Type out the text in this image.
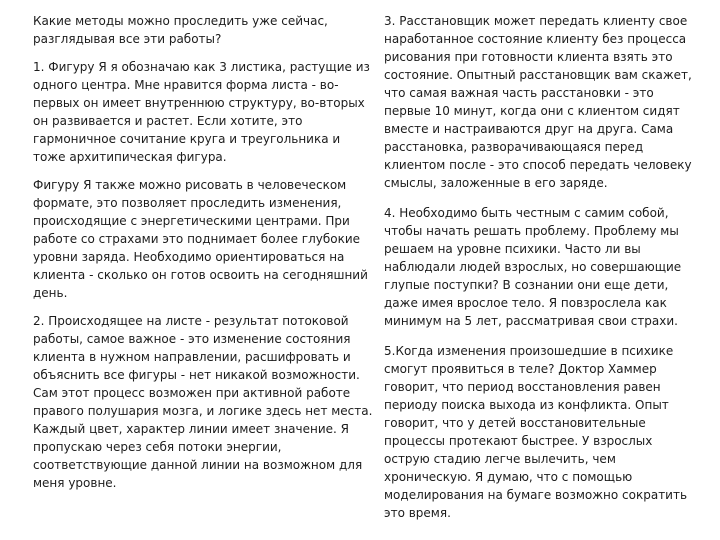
Какие методы можно проследить уже сейчас,
разглядывая все эти работы?

1. Фигуру Я я обозначаю как 3 листика, растущие из
одного центра. Мне нравится форма листа - во-
первых он имеет внутреннюю структуру, во-вторых
он развивается и растет. Если хотите, это
гармоничное сочитание круга и треугольника и
тоже архитипическая фигура.

Фигуру Я также можно рисовать в человеческом
формате, это позволяет проследить изменения,
происходящие с энергетическими центрами. При
работе со страхами это поднимает более глубокие
уровни заряда. Необходимо ориентироваться на
клиента - сколько он готов освоить на сегодняшний
день.

2. Происходящее на листе - результат потоковой
работы, самое важное - это изменение состояния
клиента в нужном направлении, расшифровать и
объяснить все фигуры - нет никакой возможности.
Сам этот процесс возможен при активной работе
правого полушария мозга, и логике здесь нет места.
Каждый цвет, характер линии имеет значение. Я
пропускаю через себя потоки энергии,
соответствующие данной линии на возможном для
меня уровне.

3. Расстановщик может передать клиенту свое
наработанное состояние клиенту без процесса
рисования при готовности клиента взять это
состояние. Опытный расстановщик вам скажет,
что самая важная часть расстановки - это
первые 10 минут, когда они с клиентом сидят
вместе и настраиваются друг на друга. Сама
расстановка, разворачивающаяся перед
клиентом после - это способ передать человеку
смыслы, заложенные в его заряде.

4. Необходимо быть честным с самим собой,
чтобы начать решать проблему. Проблему мы
решаем на уровне психики. Часто ли вы
наблюдали людей взрослых, но совершающие
глупые поступки? В сознании они еще дети,
даже имея вроcлое тело. Я повзрослела как
минимум на 5 лет, рассматривая свои страхи.

5.Когда изменения произошедшие в психике
смогут проявиться в теле? Доктор Хаммер
говорит, что период восстановления равен
периоду поиска выхода из конфликта. Опыт
говорит, что у детей восстановительные
процессы протекают быстрее. У взрослых
острую стадию легче вылечить, чем
хроническую. Я думаю, что с помощью
моделирования на бумаге возможно сократить
это время.
